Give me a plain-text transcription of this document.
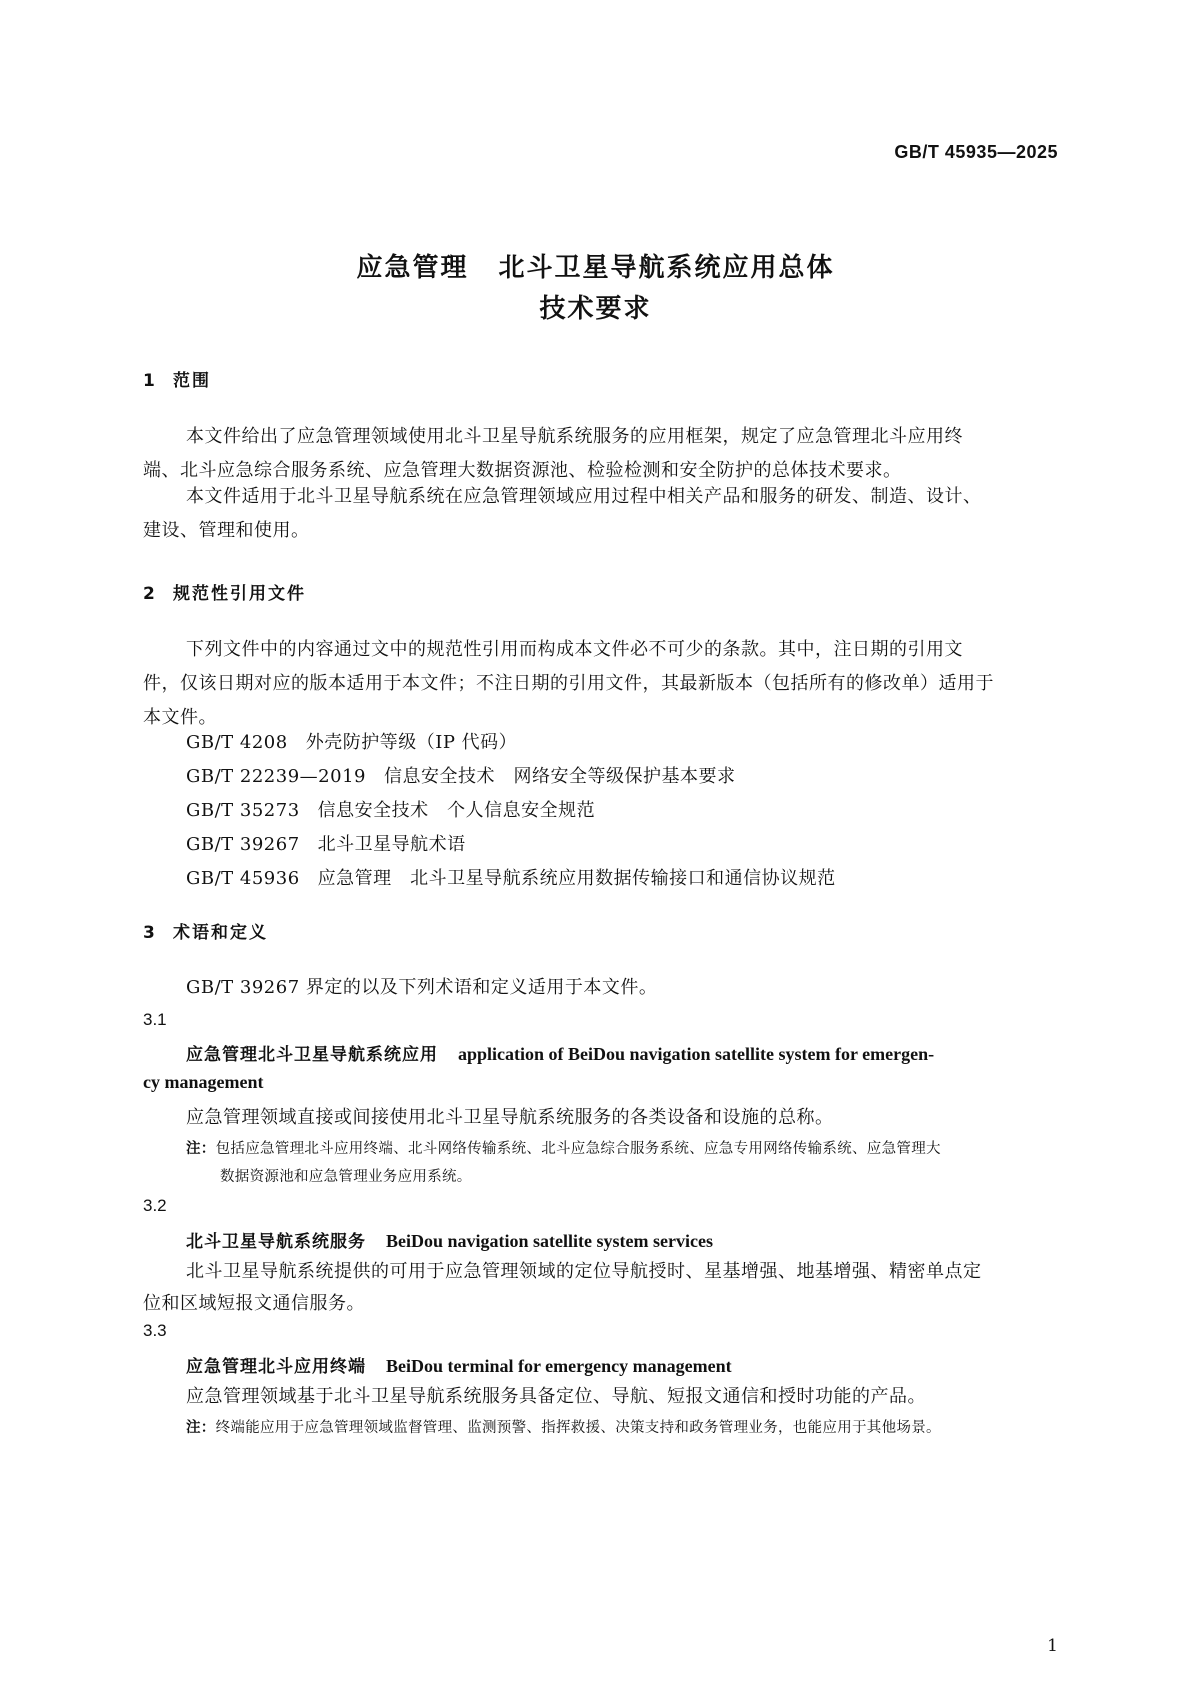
GB/T 45935—2025
应急管理 北斗卫星导航系统应用总体
技术要求
1 范围
本文件给出了应急管理领域使用北斗卫星导航系统服务的应用框架，规定了应急管理北斗应用终
端、北斗应急综合服务系统、应急管理大数据资源池、检验检测和安全防护的总体技术要求。
本文件适用于北斗卫星导航系统在应急管理领域应用过程中相关产品和服务的研发、制造、设计、
建设、管理和使用。
2 规范性引用文件
下列文件中的内容通过文中的规范性引用而构成本文件必不可少的条款。其中，注日期的引用文
件，仅该日期对应的版本适用于本文件；不注日期的引用文件，其最新版本（包括所有的修改单）适用于
本文件。
GB/T 4208 外壳防护等级（IP 代码）
GB/T 22239—2019 信息安全技术　网络安全等级保护基本要求
GB/T 35273 信息安全技术　个人信息安全规范
GB/T 39267 北斗卫星导航术语
GB/T 45936 应急管理　北斗卫星导航系统应用数据传输接口和通信协议规范
3 术语和定义
GB/T 39267 界定的以及下列术语和定义适用于本文件。
3.1
应急管理北斗卫星导航系统应用 application of BeiDou navigation satellite system for emergen-
cy management
应急管理领域直接或间接使用北斗卫星导航系统服务的各类设备和设施的总称。
注：包括应急管理北斗应用终端、北斗网络传输系统、北斗应急综合服务系统、应急专用网络传输系统、应急管理大
数据资源池和应急管理业务应用系统。
3.2
北斗卫星导航系统服务 BeiDou navigation satellite system services
北斗卫星导航系统提供的可用于应急管理领域的定位导航授时、星基增强、地基增强、精密单点定
位和区域短报文通信服务。
3.3
应急管理北斗应用终端 BeiDou terminal for emergency management
应急管理领域基于北斗卫星导航系统服务具备定位、导航、短报文通信和授时功能的产品。
注：终端能应用于应急管理领域监督管理、监测预警、指挥救援、决策支持和政务管理业务，也能应用于其他场景。
1
